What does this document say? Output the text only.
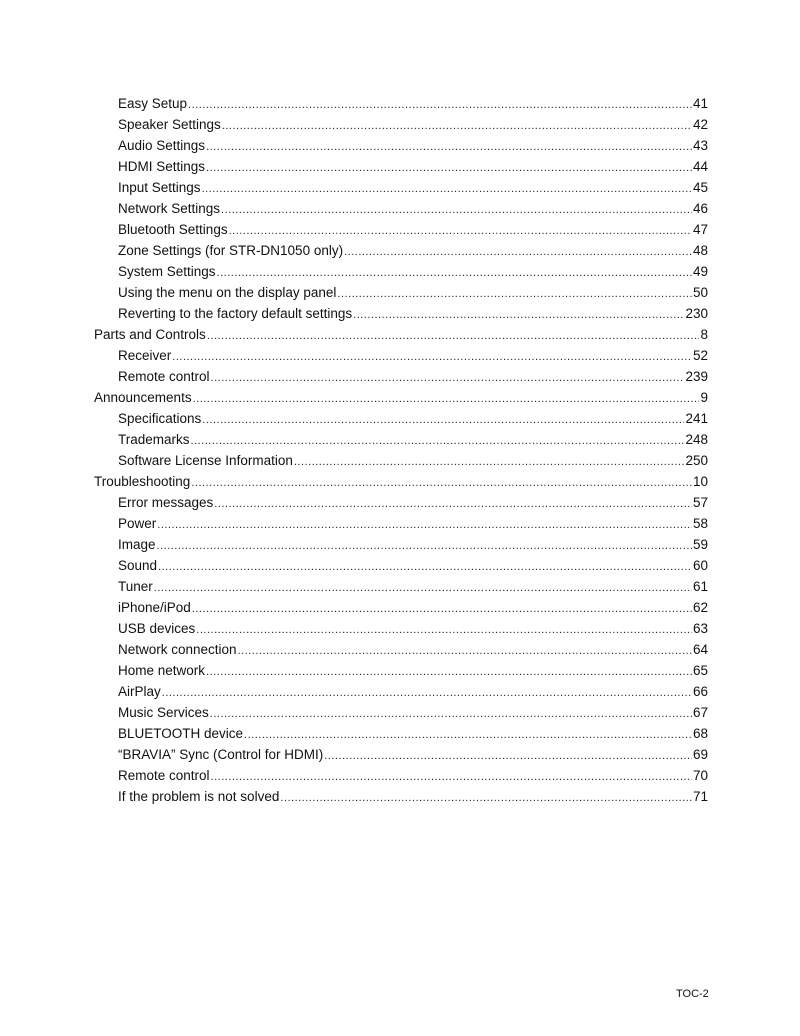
Easy Setup .....	41
Speaker Settings .....	42
Audio Settings .....	43
HDMI Settings .....	44
Input Settings .....	45
Network Settings .....	46
Bluetooth Settings .....	47
Zone Settings (for STR-DN1050 only) .....	48
System Settings .....	49
Using the menu on the display panel .....	50
Reverting to the factory default settings .....	230
Parts and Controls .....	8
Receiver .....	52
Remote control .....	239
Announcements .....	9
Specifications .....	241
Trademarks .....	248
Software License Information .....	250
Troubleshooting .....	10
Error messages .....	57
Power .....	58
Image .....	59
Sound .....	60
Tuner .....	61
iPhone/iPod .....	62
USB devices .....	63
Network connection .....	64
Home network .....	65
AirPlay .....	66
Music Services .....	67
BLUETOOTH device .....	68
“BRAVIA” Sync (Control for HDMI) .....	69
Remote control .....	70
If the problem is not solved .....	71
TOC-2
